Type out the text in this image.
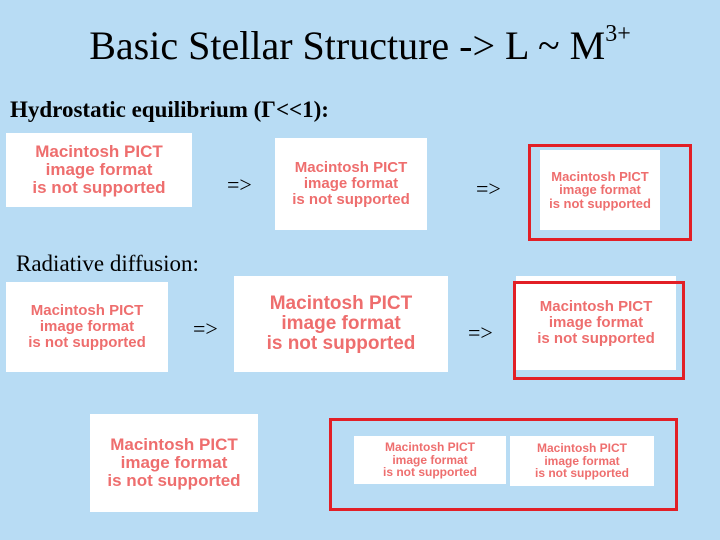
Basic Stellar Structure -> L ~ $M^{3+}$
Hydrostatic equilibrium (Γ<<1):
Macintosh PICT
image format
is not supported	=>
Macintosh PICT
image format
is not supported	=>	Macintosh PICT
image format
is not supported
Radiative diffusion:
Macintosh PICT
image format
is not supported
=>
Macintosh PICT
image format
is not supported =>
Macintosh PICT
image format
is not supported
Macintosh PICT
image format
is not supported
Macintosh PICT
image format
is not supported
Macintosh PICT
image format
is not supported
